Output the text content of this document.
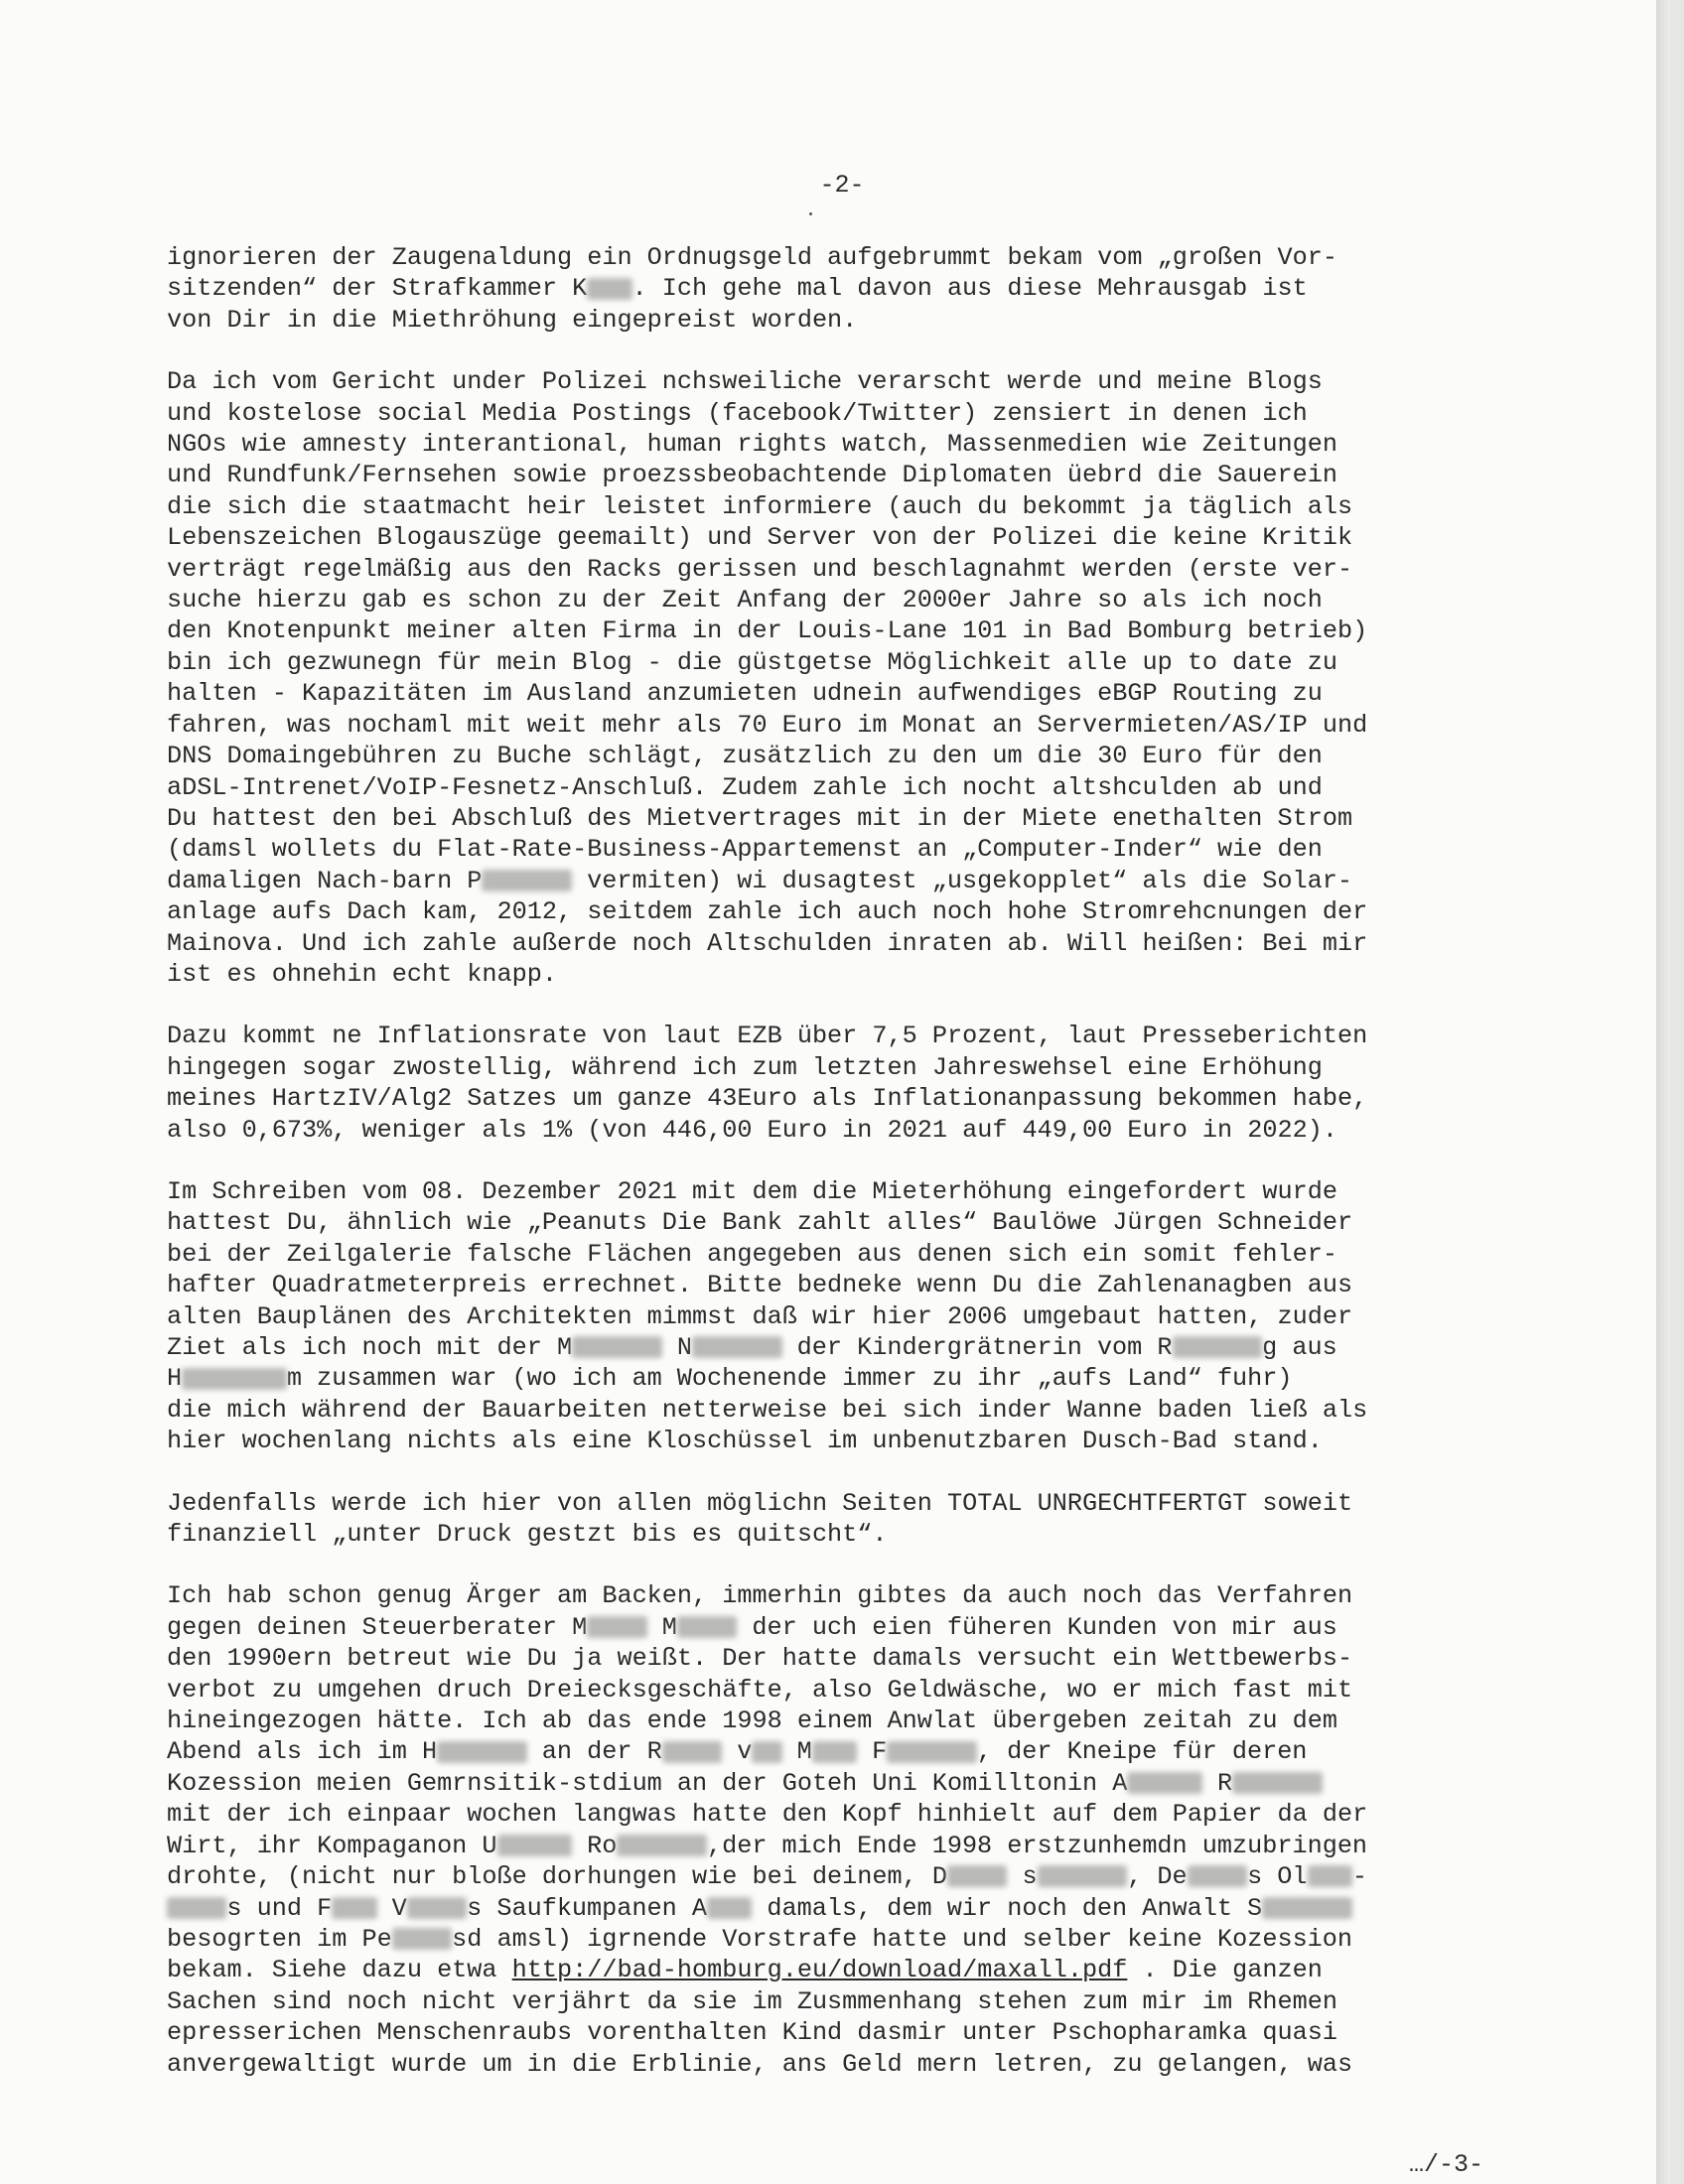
-2-
ignorieren der Zaugenaldung ein Ordnugsgeld aufgebrummt bekam vom „großen Vor-
sitzenden“ der Strafkammer K . Ich gehe mal davon aus diese Mehrausgab ist
von Dir in die Miethröhung eingepreist worden.
Da ich vom Gericht under Polizei nchsweiliche verarscht werde und meine Blogs
und kostelose social Media Postings (facebook/Twitter) zensiert in denen ich
NGOs wie amnesty interantional, human rights watch, Massenmedien wie Zeitungen
und Rundfunk/Fernsehen sowie proezssbeobachtende Diplomaten üebrd die Sauerein
die sich die staatmacht heir leistet informiere (auch du bekommt ja täglich als
Lebenszeichen Blogauszüge geemailt) und Server von der Polizei die keine Kritik
verträgt regelmäßig aus den Racks gerissen und beschlagnahmt werden (erste ver-
suche hierzu gab es schon zu der Zeit Anfang der 2000er Jahre so als ich noch
den Knotenpunkt meiner alten Firma in der Louis-Lane 101 in Bad Bomburg betrieb)
bin ich gezwunegn für mein Blog - die güstgetse Möglichkeit alle up to date zu
halten - Kapazitäten im Ausland anzumieten udnein aufwendiges eBGP Routing zu
fahren, was nochaml mit weit mehr als 70 Euro im Monat an Servermieten/AS/IP und
DNS Domaingebühren zu Buche schlägt, zusätzlich zu den um die 30 Euro für den
aDSL-Intrenet/VoIP-Fesnetz-Anschluß. Zudem zahle ich nocht altshculden ab und
Du hattest den bei Abschluß des Mietvertrages mit in der Miete enethalten Strom
(damsl wollets du Flat-Rate-Business-Appartemenst an „Computer-Inder“ wie den
damaligen Nach-barn P	vermiten) wi dusagtest „usgekopplet“ als die Solar-
anlage aufs Dach kam, 2012, seitdem zahle ich auch noch hohe Stromrehcnungen der
Mainova. Und ich zahle außerde noch Altschulden inraten ab. Will heißen: Bei mir
ist es ohnehin echt knapp.
Dazu kommt ne Inflationsrate von laut EZB über 7,5 Prozent, laut Presseberichten
hingegen sogar zwostellig, während ich zum letzten Jahreswehsel eine Erhöhung
meines HartzIV/Alg2 Satzes um ganze 43Euro als Inflationanpassung bekommen habe,
also 0,673%, weniger als 1% (von 446,00 Euro in 2021 auf 449,00 Euro in 2022).
Im Schreiben vom 08. Dezember 2021 mit dem die Mieterhöhung eingefordert wurde
hattest Du, ähnlich wie „Peanuts Die Bank zahlt alles“ Baulöwe Jürgen Schneider
bei der Zeilgalerie falsche Flächen angegeben aus denen sich ein somit fehler-
hafter Quadratmeterpreis errechnet. Bitte bedneke wenn Du die Zahlenanagben aus
alten Bauplänen des Architekten mimmst daß wir hier 2006 umgebaut hatten, zuder
Ziet als ich noch mit der M	N	der Kindergrätnerin vom R	g aus
H	m zusammen war (wo ich am Wochenende immer zu ihr „aufs Land“ fuhr)
die mich während der Bauarbeiten netterweise bei sich inder Wanne baden ließ als
hier wochenlang nichts als eine Kloschüssel im unbenutzbaren Dusch-Bad stand.
Jedenfalls werde ich hier von allen möglichn Seiten TOTAL UNRGECHTFERTGT soweit
finanziell „unter Druck gestzt bis es quitscht“.
Ich hab schon genug Ärger am Backen, immerhin gibtes da auch noch das Verfahren
gegen deinen Steuerberater M M der uch eien füheren Kunden von mir aus
den 1990ern betreut wie Du ja weißt. Der hatte damals versucht ein Wettbewerbs-
verbot zu umgehen druch Dreiecksgeschäfte, also Geldwäsche, wo er mich fast mit
hineingezogen hätte. Ich ab das ende 1998 einem Anwlat übergeben zeitah zu dem
Abend als ich im H	an der R v M F	, der Kneipe für deren
Kozession meien Gemrnsitik-stdium an der Goteh Uni Komilltonin A	R
mit der ich einpaar wochen langwas hatte den Kopf hinhielt auf dem Papier da der
Wirt, ihr Kompaganon U	Ro	,der mich Ende 1998 erstzunhemdn umzubringen
drohte, (nicht nur bloße dorhungen wie bei deinem, D s	, De s Ol -
s und F V s Saufkumpanen A damals, dem wir noch den Anwalt S
besogrten im Pe sd amsl) igrnende Vorstrafe hatte und selber keine Kozession
bekam. Siehe dazu etwa http://bad-homburg.eu/download/maxall.pdf . Die ganzen
Sachen sind noch nicht verjährt da sie im Zusmmenhang stehen zum mir im Rhemen
epresserichen Menschenraubs vorenthalten Kind dasmir unter Pschopharamka quasi
anvergewaltigt wurde um in die Erblinie, ans Geld mern letren, zu gelangen, was
…/-3-
